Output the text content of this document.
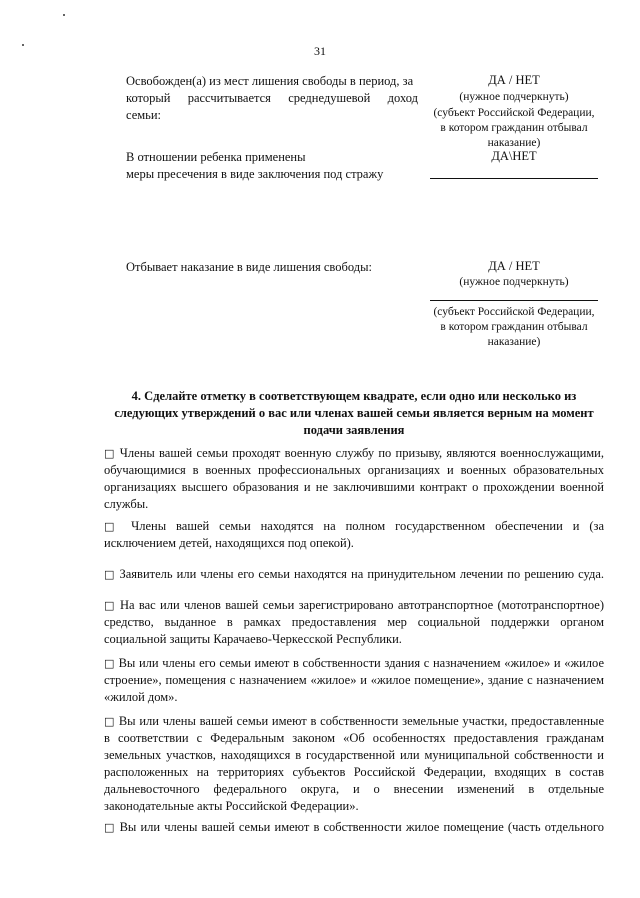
31
Освобожден(а) из мест лишения свободы в период, за
который рассчитывается среднедушевой доход
семьи:
ДА / НЕТ
(нужное подчеркнуть)
(субъект Российской Федерации,
в котором гражданин отбывал
наказание)
В отношении ребенка применены
меры пресечения в виде заключения под стражу
ДА\НЕТ
Отбывает наказание в виде лишения свободы:	ДА / НЕТ
(нужное подчеркнуть)
(субъект Российской Федерации,
в котором гражданин отбывал
наказание)
4. Сделайте отметку в соответствующем квадрате, если одно или несколько из
следующих утверждений о вас или членах вашей семьи является верным на момент
подачи заявления
□ Члены вашей семьи проходят военную службу по призыву, являются военнослужащими,
обучающимися в военных профессиональных организациях и военных образовательных
организациях высшего образования и не заключившими контракт о прохождении военной
службы.
□ Члены вашей семьи находятся на полном государственном обеспечении и (за
исключением детей, находящихся под опекой).
□ Заявитель или члены его семьи находятся на принудительном лечении по решению суда.
□ На вас или членов вашей семьи зарегистрировано автотранспортное (мототранспортное)
средство, выданное в рамках предоставления мер социальной поддержки органом
социальной защиты Карачаево-Черкесской Республики.
□ Вы или члены его семьи имеют в собственности здания с назначением «жилое» и «жилое
строение», помещения с назначением «жилое» и «жилое помещение», здание с назначением
«жилой дом».
□ Вы или члены вашей семьи имеют в собственности земельные участки, предоставленные
в соответствии с Федеральным законом «Об особенностях предоставления гражданам
земельных участков, находящихся в государственной или муниципальной собственности и
расположенных на территориях субъектов Российской Федерации, входящих в состав
дальневосточного федерального округа, и о внесении изменений в отдельные
законодательные акты Российской Федерации».
□ Вы или члены вашей семьи имеют в собственности жилое помещение (часть отдельного
